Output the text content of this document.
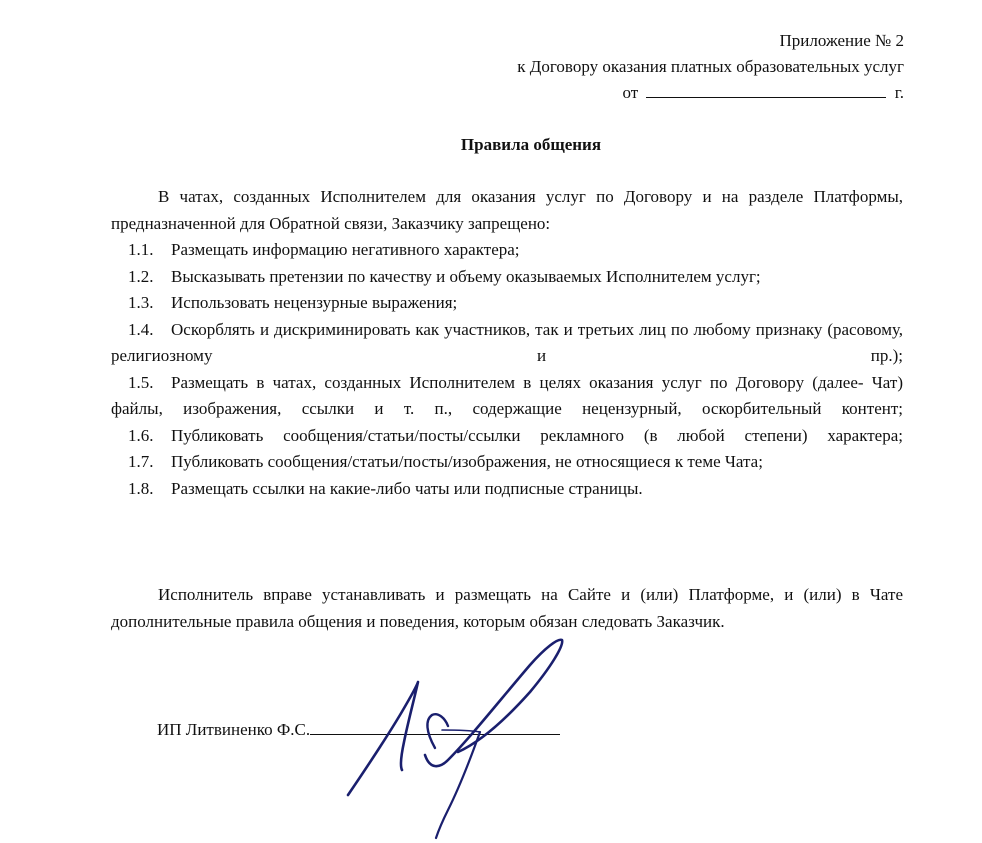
Приложение № 2
к Договору оказания платных образовательных услуг
от	г.
Правила общения

В чатах, созданных Исполнителем для оказания услуг по Договору и на разделе Платформы, предназначенной для Обратной связи, Заказчику запрещено:

1.1. Размещать информацию негативного характера;
1.2. Высказывать претензии по качеству и объему оказываемых Исполнителем услуг;
1.3. Использовать нецензурные выражения;
1.4. Оскорблять и дискриминировать как участников, так и третьих лиц по любому признаку (расовому, религиозному и пр.);
1.5. Размещать в чатах, созданных Исполнителем в целях оказания услуг по Договору (далее- Чат) файлы, изображения, ссылки и т. п., содержащие нецензурный, оскорбительный контент;
1.6. Публиковать сообщения/статьи/посты/ссылки рекламного (в любой степени) характера;
1.7. Публиковать сообщения/статьи/посты/изображения, не относящиеся к теме Чата;
1.8. Размещать ссылки на какие-либо чаты или подписные страницы.

Исполнитель вправе устанавливать и размещать на Сайте и (или) Платформе, и (или) в Чате дополнительные правила общения и поведения, которым обязан следовать Заказчик.

ИП Литвиненко Ф.С.
